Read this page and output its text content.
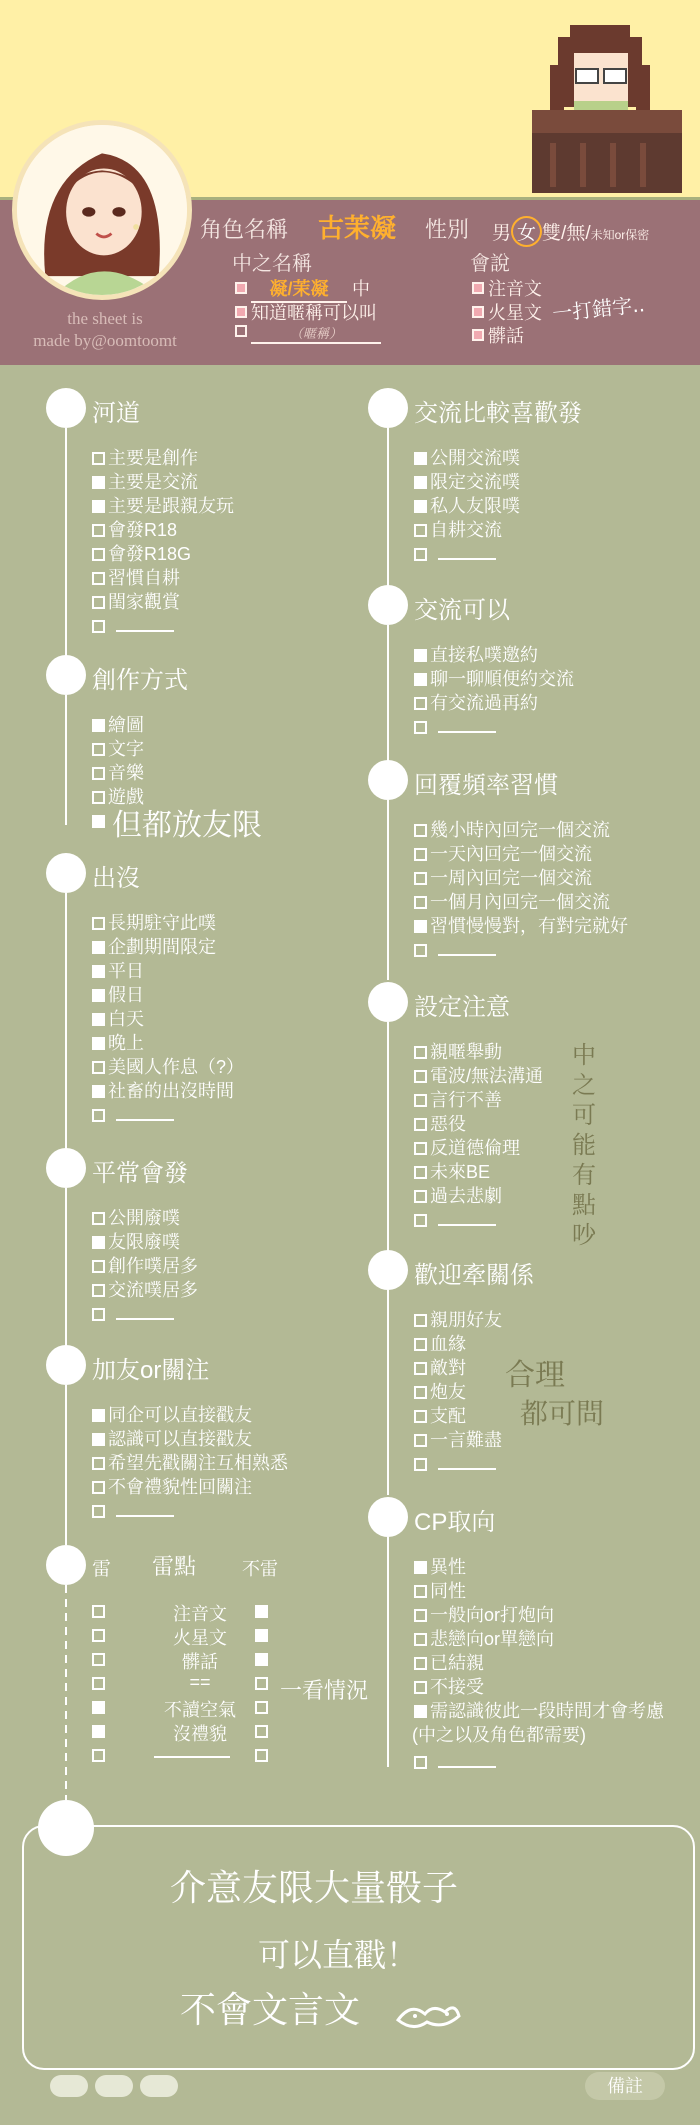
the sheet is
made by@oomtoomt
角色名稱 古茉凝 性別 男 女 雙/無/未知or保密
中之名稱
凝/茉凝 中
知道暱稱可以叫
（暱稱）
會說
注音文
火星文
髒話
一打錯字..
河道
主要是創作
主要是交流
主要是跟親友玩
會發R18
會發R18G
習慣自耕
閨家觀賞
創作方式
繪圖
文字
音樂
遊戲
但都放友限
出沒
長期駐守此噗
企劃期間限定
平日
假日
白天
晚上
美國人作息（?）
社畜的出沒時間
平常會發
公開廢噗
友限廢噗
創作噗居多
交流噗居多
加友or關注
同企可以直接戳友
認識可以直接戳友
希望先戳關注互相熟悉
不會禮貌性回關注
雷 雷點	不雷
注音文
火星文
髒話
==
不讀空氣
沒禮貌
一看情況
交流比較喜歡發
公開交流噗
限定交流噗
私人友限噗
自耕交流
交流可以
直接私噗邀約
聊一聊順便約交流
有交流過再約
回覆頻率習慣
幾小時內回完一個交流
一天內回完一個交流
一周內回完一個交流
一個月內回完一個交流
習慣慢慢對，有對完就好
設定注意
親暱舉動
電波/無法溝通
言行不善
惡役
反道德倫理
未來BE
過去悲劇
中之可能有點吵
歡迎牽關係
親朋好友
血緣
敵對
炮友
支配
一言難盡
合理
都可問
CP取向
異性
同性
一般向or打炮向
悲戀向or單戀向
已結親
不接受
需認識彼此一段時間才會考慮
(中之以及角色都需要)
介意友限大量骰子
可以直戳！
不會文言文
備註
